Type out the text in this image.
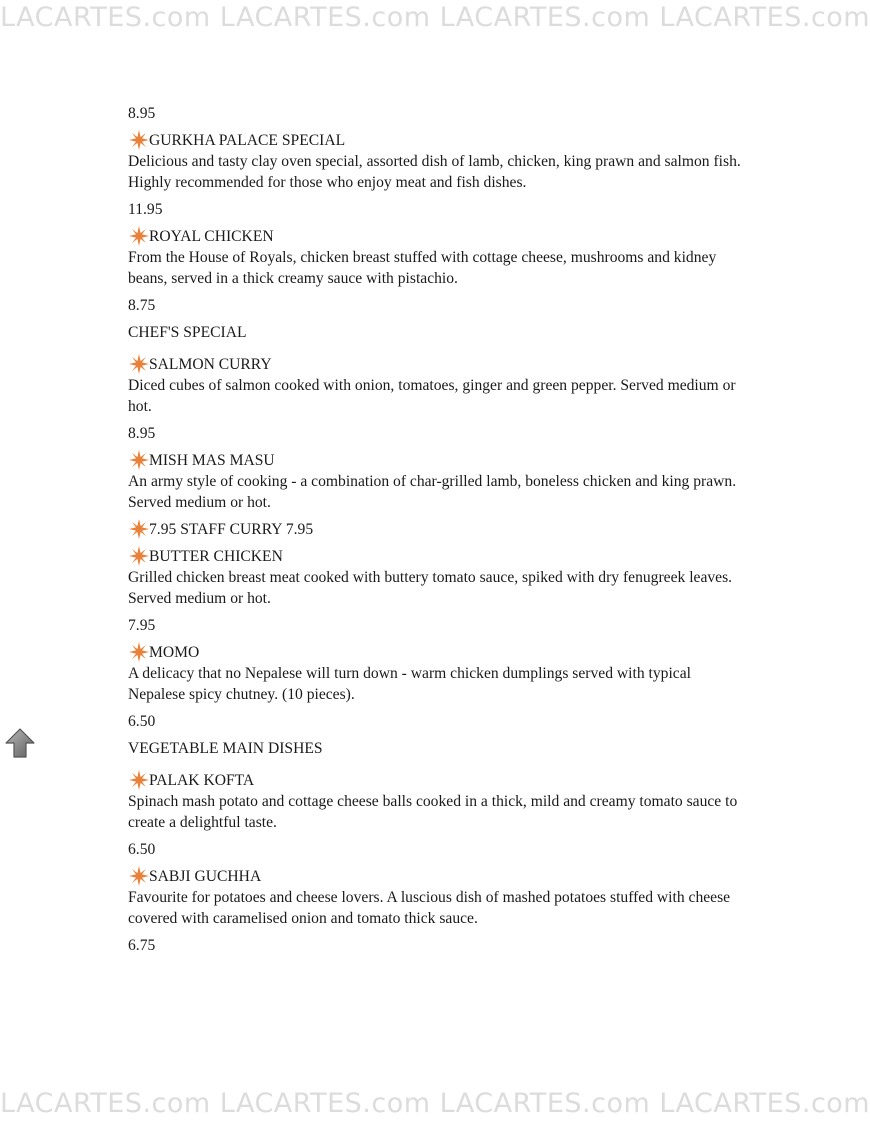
LACARTES.com LACARTES.com LACARTES.com LACARTES.com
8.95
GURKHA PALACE SPECIAL
Delicious and tasty clay oven special, assorted dish of lamb, chicken, king prawn and salmon fish. Highly recommended for those who enjoy meat and fish dishes.
11.95
ROYAL CHICKEN
From the House of Royals, chicken breast stuffed with cottage cheese, mushrooms and kidney beans, served in a thick creamy sauce with pistachio.
8.75
CHEF'S SPECIAL
SALMON CURRY
Diced cubes of salmon cooked with onion, tomatoes, ginger and green pepper. Served medium or hot.
8.95
MISH MAS MASU
An army style of cooking - a combination of char-grilled lamb, boneless chicken and king prawn. Served medium or hot.
7.95 STAFF CURRY 7.95
BUTTER CHICKEN
Grilled chicken breast meat cooked with buttery tomato sauce, spiked with dry fenugreek leaves. Served medium or hot.
7.95
MOMO
A delicacy that no Nepalese will turn down - warm chicken dumplings served with typical Nepalese spicy chutney. (10 pieces).
6.50
VEGETABLE MAIN DISHES
PALAK KOFTA
Spinach mash potato and cottage cheese balls cooked in a thick, mild and creamy tomato sauce to create a delightful taste.
6.50
SABJI GUCHHA
Favourite for potatoes and cheese lovers. A luscious dish of mashed potatoes stuffed with cheese covered with caramelised onion and tomato thick sauce.
6.75
LACARTES.com LACARTES.com LACARTES.com LACARTES.com
